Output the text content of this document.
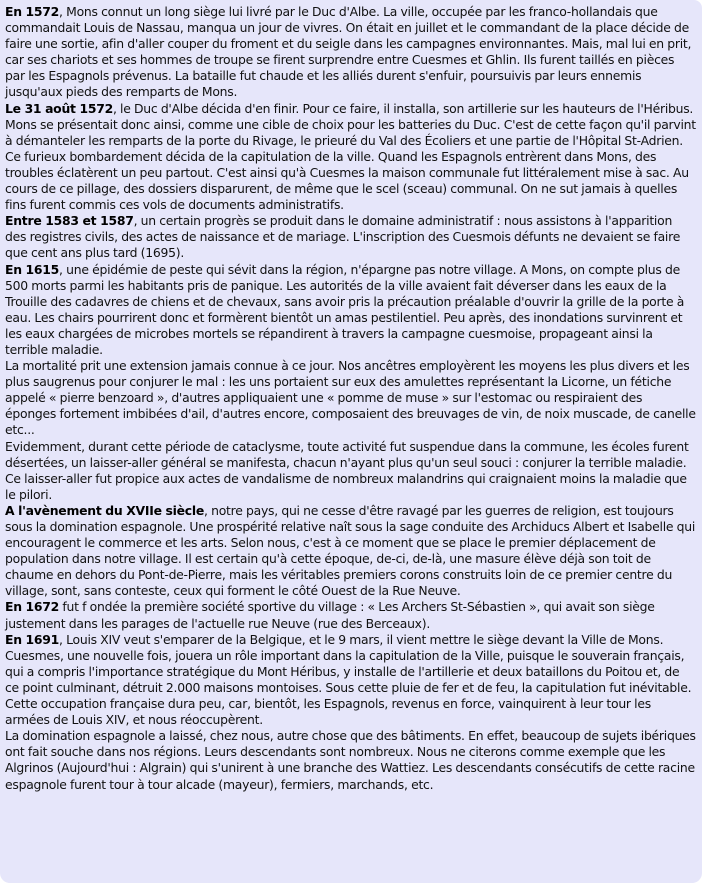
En 1572, Mons connut un long siège lui livré par le Duc d'Albe. La ville, occupée par les franco-hollandais que commandait Louis de Nassau, manqua un jour de vivres. On était en juillet et le commandant de la place décide de faire une sortie, afin d'aller couper du froment et du seigle dans les campagnes environnantes. Mais, mal lui en prit, car ses chariots et ses hommes de troupe se firent surprendre entre Cuesmes et Ghlin. Ils furent taillés en pièces par les Espagnols prévenus. La bataille fut chaude et les alliés durent s'enfuir, poursuivis par leurs ennemis jusqu'aux pieds des remparts de Mons.

Le 31 août 1572, le Duc d'Albe décida d'en finir. Pour ce faire, il installa, son artillerie sur les hauteurs de l'Héribus. Mons se présentait donc ainsi, comme une cible de choix pour les batteries du Duc. C'est de cette façon qu'il parvint à démanteler les remparts de la porte du Rivage, le prieuré du Val des Écoliers et une partie de l'Hôpital St-Adrien.

Ce furieux bombardement décida de la capitulation de la ville. Quand les Espagnols entrèrent dans Mons, des troubles éclatèrent un peu partout. C'est ainsi qu'à Cuesmes la maison communale fut littéralement mise à sac. Au cours de ce pillage, des dossiers disparurent, de même que le scel (sceau) communal. On ne sut jamais à quelles fins furent commis ces vols de documents administratifs.

Entre 1583 et 1587, un certain progrès se produit dans le domaine administratif : nous assistons à l'apparition des registres civils, des actes de naissance et de mariage. L'inscription des Cuesmois défunts ne devaient se faire que cent ans plus tard (1695).

En 1615, une épidémie de peste qui sévit dans la région, n'épargne pas notre village. A Mons, on compte plus de 500 morts parmi les habitants pris de panique. Les autorités de la ville avaient fait déverser dans les eaux de la Trouille des cadavres de chiens et de chevaux, sans avoir pris la précaution préalable d'ouvrir la grille de la porte à eau. Les chairs pourrirent donc et formèrent bientôt un amas pestilentiel. Peu après, des inondations survinrent et les eaux chargées de microbes mortels se répandirent à travers la campagne cuesmoise, propageant ainsi la terrible maladie.

La mortalité prit une extension jamais connue à ce jour. Nos ancêtres employèrent les moyens les plus divers et les plus saugrenus pour conjurer le mal : les uns portaient sur eux des amulettes représentant la Licorne, un fétiche appelé « pierre benzoard », d'autres appliquaient une « pomme de muse » sur l'estomac ou respiraient des éponges fortement imbibées d'ail, d'autres encore, composaient des breuvages de vin, de noix muscade, de canelle etc...

Evidemment, durant cette période de cataclysme, toute activité fut suspendue dans la commune, les écoles furent désertées, un laisser-aller général se manifesta, chacun n'ayant plus qu'un seul souci : conjurer la terrible maladie.

Ce laisser-aller fut propice aux actes de vandalisme de nombreux malandrins qui craignaient moins la maladie que le pilori.

A l'avènement du XVIIe siècle, notre pays, qui ne cesse d'être ravagé par les guerres de religion, est toujours sous la domination espagnole. Une prospérité relative naît sous la sage conduite des Archiducs Albert et Isabelle qui encouragent le commerce et les arts. Selon nous, c'est à ce moment que se place le premier déplacement de population dans notre village. Il est certain qu'à cette époque, de-ci, de-là, une masure élève déjà son toit de chaume en dehors du Pont-de-Pierre, mais les véritables premiers corons construits loin de ce premier centre du village, sont, sans conteste, ceux qui forment le côté Ouest de la Rue Neuve.

En 1672 fut f ondée la première société sportive du village : « Les Archers St-Sébastien », qui avait son siège justement dans les parages de l'actuelle rue Neuve (rue des Berceaux).

En 1691, Louis XIV veut s'emparer de la Belgique, et le 9 mars, il vient mettre le siège devant la Ville de Mons. Cuesmes, une nouvelle fois, jouera un rôle important dans la capitulation de la Ville, puisque le souverain français, qui a compris l'importance stratégique du Mont Héribus, y installe de l'artillerie et deux bataillons du Poitou et, de ce point culminant, détruit 2.000 maisons montoises. Sous cette pluie de fer et de feu, la capitulation fut inévitable. Cette occupation française dura peu, car, bientôt, les Espagnols, revenus en force, vainquirent à leur tour les armées de Louis XIV, et nous réoccupèrent.

La domination espagnole a laissé, chez nous, autre chose que des bâtiments. En effet, beaucoup de sujets ibériques ont fait souche dans nos régions. Leurs descendants sont nombreux. Nous ne citerons comme exemple que les Algrinos (Aujourd'hui : Algrain) qui s'unirent à une branche des Wattiez. Les descendants consécutifs de cette racine espagnole furent tour à tour alcade (mayeur), fermiers, marchands, etc.
